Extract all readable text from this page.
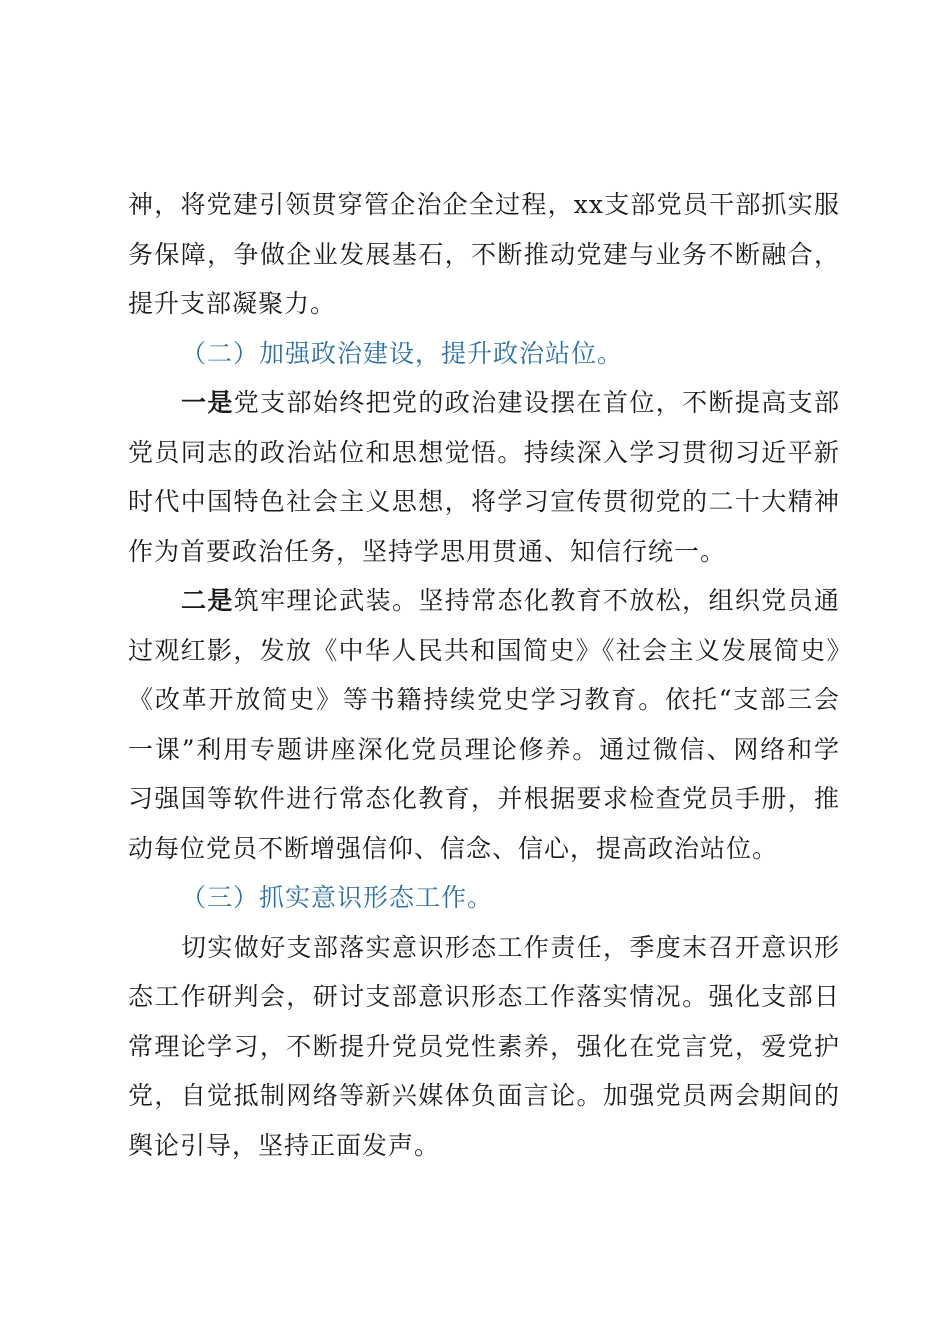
神，将党建引领贯穿管企治企全过程，xx支部党员干部抓实服务保障，争做企业发展基石，不断推动党建与业务不断融合，提升支部凝聚力。

（二）加强政治建设，提升政治站位。

一是党支部始终把党的政治建设摆在首位，不断提高支部党员同志的政治站位和思想觉悟。持续深入学习贯彻习近平新时代中国特色社会主义思想，将学习宣传贯彻党的二十大精神作为首要政治任务，坚持学思用贯通、知信行统一。

二是筑牢理论武装。坚持常态化教育不放松，组织党员通过观红影，发放《中华人民共和国简史》《社会主义发展简史》《改革开放简史》等书籍持续党史学习教育。依托“支部三会一课”利用专题讲座深化党员理论修养。通过微信、网络和学习强国等软件进行常态化教育，并根据要求检查党员手册，推动每位党员不断增强信仰、信念、信心，提高政治站位。

（三）抓实意识形态工作。

切实做好支部落实意识形态工作责任，季度末召开意识形态工作研判会，研讨支部意识形态工作落实情况。强化支部日常理论学习，不断提升党员党性素养，强化在党言党，爱党护党，自觉抵制网络等新兴媒体负面言论。加强党员两会期间的舆论引导，坚持正面发声。
